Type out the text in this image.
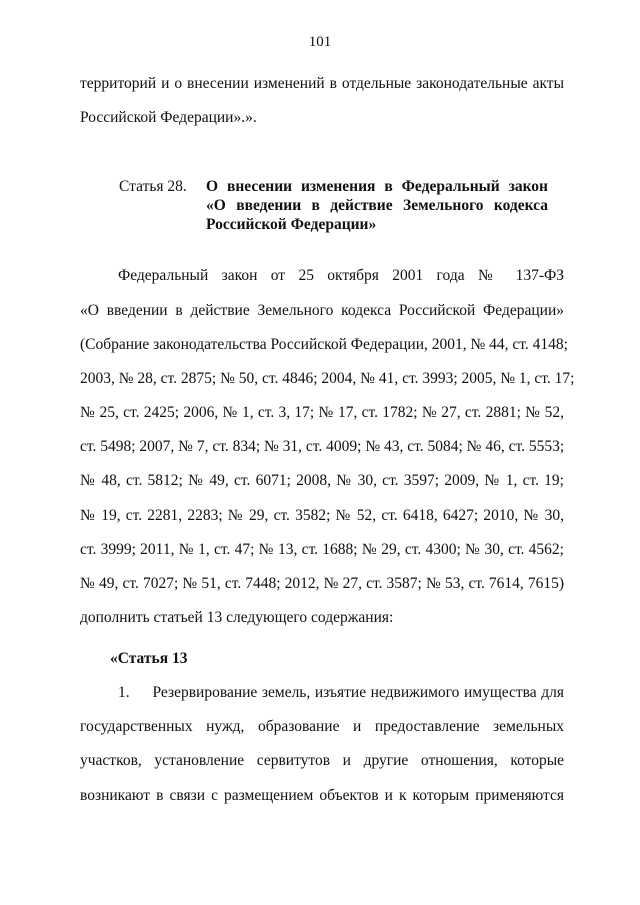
101
территорий и о внесении изменений в отдельные законодательные акты
Российской Федерации».».
Статья 28. О внесении изменения в Федеральный закон
«О введении в действие Земельного кодекса
Российской Федерации»
Федеральный закон от 25 октября 2001 года № 137-ФЗ
«О введении в действие Земельного кодекса Российской Федерации»
(Собрание законодательства Российской Федерации, 2001, № 44, ст. 4148;
2003, № 28, ст. 2875; № 50, ст. 4846; 2004, № 41, ст. 3993; 2005, № 1, ст. 17;
№ 25, ст. 2425; 2006, № 1, ст. 3, 17; № 17, ст. 1782; № 27, ст. 2881; № 52,
ст. 5498; 2007, № 7, ст. 834; № 31, ст. 4009; № 43, ст. 5084; № 46, ст. 5553;
№ 48, ст. 5812; № 49, ст. 6071; 2008, № 30, ст. 3597; 2009, № 1, ст. 19;
№ 19, ст. 2281, 2283; № 29, ст. 3582; № 52, ст. 6418, 6427; 2010, № 30,
ст. 3999; 2011, № 1, ст. 47; № 13, ст. 1688; № 29, ст. 4300; № 30, ст. 4562;
№ 49, ст. 7027; № 51, ст. 7448; 2012, № 27, ст. 3587; № 53, ст. 7614, 7615)
дополнить статьей 13 следующего содержания:
«Статья 13
1.     Резервирование земель, изъятие недвижимого имущества для
государственных нужд, образование и предоставление земельных
участков, установление сервитутов и другие отношения, которые
возникают в связи с размещением объектов и к которым применяются
